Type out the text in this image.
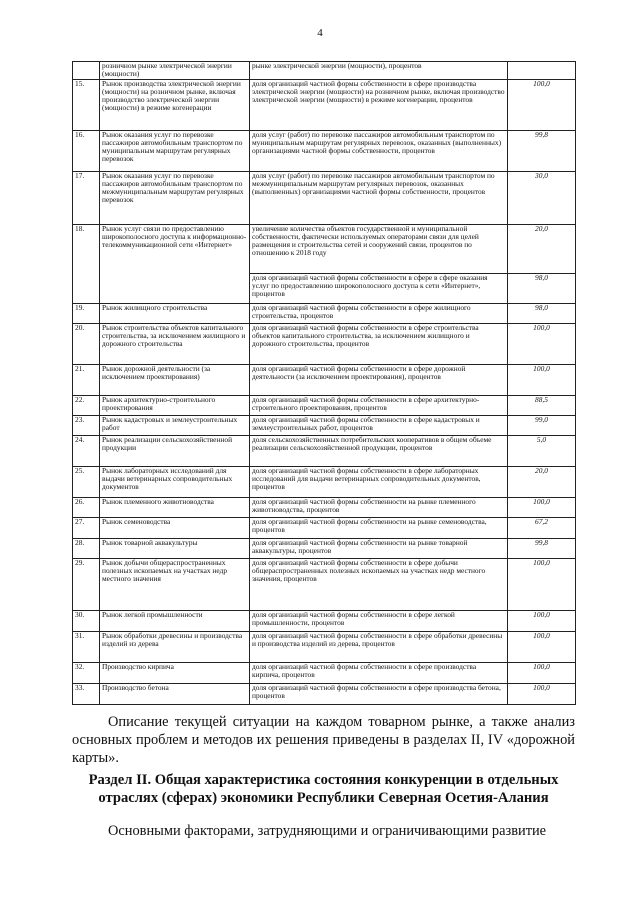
4
	розничном рынке электрической энергии (мощности)	рынке электрической энергии (мощности), процентов	
15.	Рынок производства электрической энергии (мощности) на розничном рынке, включая производство электрической энергии (мощности) в режиме когенерации	доля организаций частной формы собственности в сфере производства электрической энергии (мощности) на розничном рынке, включая производство электрической энергии (мощности) в режиме когенерации, процентов	100,0
16.	Рынок оказания услуг по перевозке пассажиров автомобильным транспортом по муниципальным маршрутам регулярных перевозок	доля услуг (работ) по перевозке пассажиров автомобильным транспортом по муниципальным маршрутам регулярных перевозок, оказанных (выполненных) организациями частной формы собственности, процентов	99,8
17.	Рынок оказания услуг по перевозке пассажиров автомобильным транспортом по межмуниципальным маршрутам регулярных перевозок	доля услуг (работ) по перевозке пассажиров автомобильным транспортом по межмуниципальным маршрутам регулярных перевозок, оказанных (выполненных) организациями частной формы собственности, процентов	30,0
18.	Рынок услуг связи по предоставлению широкополосного доступа к информационно-телекоммуникационной сети «Интернет»	увеличение количества объектов государственной и муниципальной собственности, фактически используемых операторами связи для целей размещения и строительства сетей и сооружений связи, процентов по отношению к 2018 году	20,0
		доля организаций частной формы собственности в сфере в сфере оказания услуг по предоставлению широкополосного доступа к сети «Интернет», процентов	98,0
19.	Рынок жилищного строительства	доля организаций частной формы собственности в сфере жилищного строительства, процентов	98,0
20.	Рынок строительства объектов капитального строительства, за исключением жилищного и дорожного строительства	доля организаций частной формы собственности в сфере строительства объектов капитального строительства, за исключением жилищного и дорожного строительства, процентов	100,0
21.	Рынок дорожной деятельности (за исключением проектирования)	доля организаций частной формы собственности в сфере дорожной деятельности (за исключением проектирования), процентов	100,0
22.	Рынок архитектурно-строительного проектирования	доля организаций частной формы собственности в сфере архитектурно-строительного проектирования, процентов	88,5
23.	Рынок кадастровых и землеустроительных работ	доля организаций частной формы собственности в сфере кадастровых и землеустроительных работ, процентов	99,0
24.	Рынок реализации сельскохозяйственной продукции	доля сельскохозяйственных потребительских кооперативов в общем объеме реализации сельскохозяйственной продукции, процентов	5,0
25.	Рынок лабораторных исследований для выдачи ветеринарных сопроводительных документов	доля организаций частной формы собственности в сфере лабораторных исследований для выдачи ветеринарных сопроводительных документов, процентов	20,0
26.	Рынок племенного животноводства	доля организаций частной формы собственности на рынке племенного животноводства, процентов	100,0
27.	Рынок семеноводства	доля организаций частной формы собственности на рынке семеноводства, процентов	67,2
28.	Рынок товарной аквакультуры	доля организаций частной формы собственности на рынке товарной аквакультуры, процентов	99,8
29.	Рынок добычи общераспространенных полезных ископаемых на участках недр местного значения	доля организаций частной формы собственности в сфере добычи общераспространенных полезных ископаемых на участках недр местного значения, процентов	100,0
30.	Рынок легкой промышленности	доля организаций частной формы собственности в сфере легкой промышленности, процентов	100,0
31.	Рынок обработки древесины и производства изделий из дерева	доля организаций частной формы собственности в сфере обработки древесины и производства изделий из дерева, процентов	100,0
32.	Производство кирпича	доля организаций частной формы собственности в сфере производства кирпича, процентов	100,0
33.	Производство бетона	доля организаций частной формы собственности в сфере производства бетона, процентов	100,0
Описание текущей ситуации на каждом товарном рынке, а также анализ основных проблем и методов их решения приведены в разделах II, IV «дорожной карты».
Раздел II. Общая характеристика состояния конкуренции в отдельных отраслях (сферах) экономики Республики Северная Осетия-Алания
Основными факторами, затрудняющими и ограничивающими развитие
